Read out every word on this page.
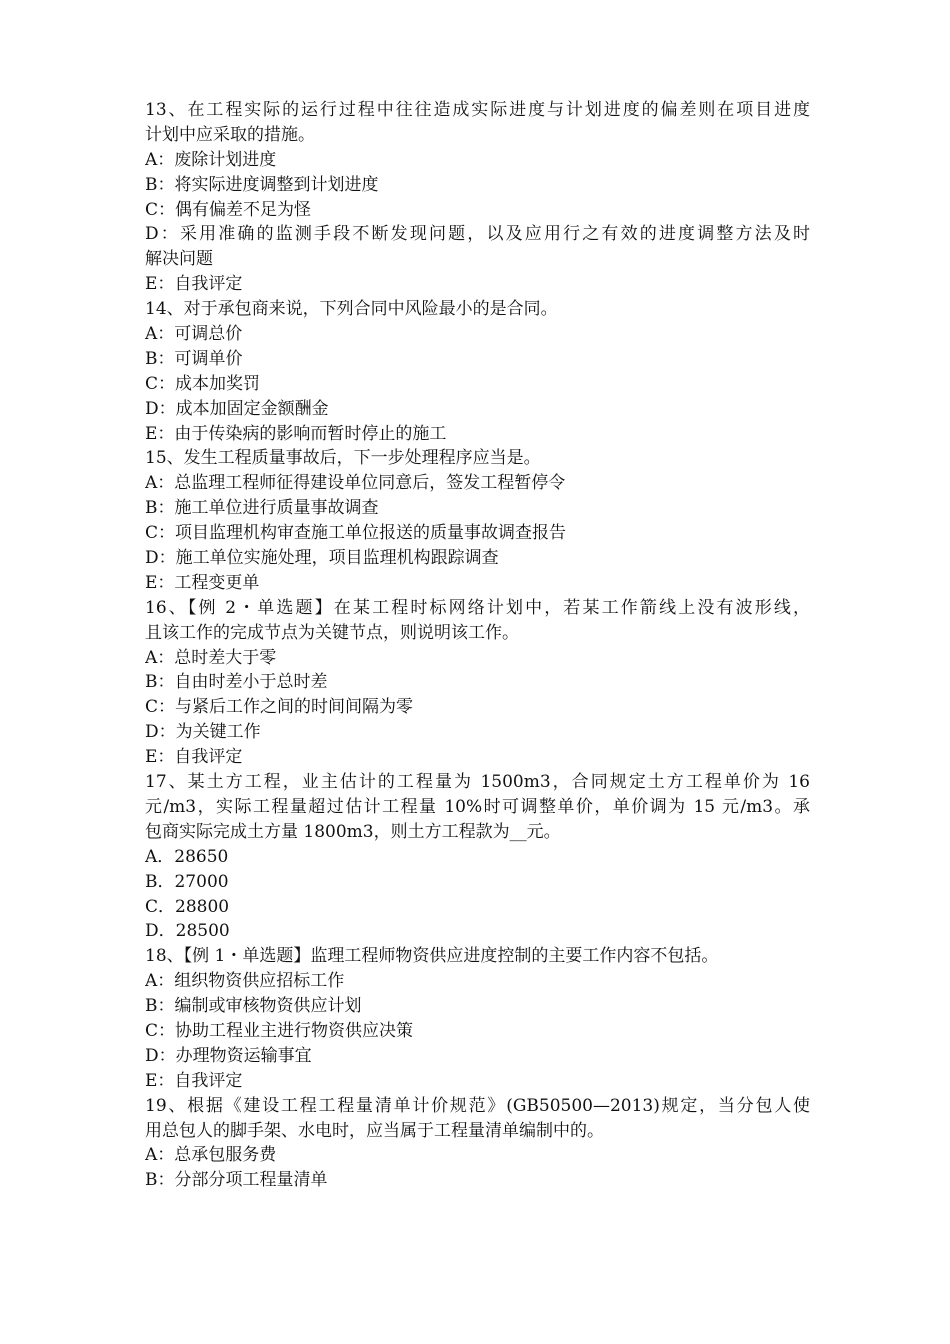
13、在工程实际的运行过程中往往造成实际进度与计划进度的偏差则在项目进度
计划中应采取的措施。
A：废除计划进度
B：将实际进度调整到计划进度
C：偶有偏差不足为怪
D：采用准确的监测手段不断发现问题，以及应用行之有效的进度调整方法及时
解决问题
E：自我评定
14、对于承包商来说，下列合同中风险最小的是合同。
A：可调总价
B：可调单价
C：成本加奖罚
D：成本加固定金额酬金
E：由于传染病的影响而暂时停止的施工
15、发生工程质量事故后，下一步处理程序应当是。
A：总监理工程师征得建设单位同意后，签发工程暂停令
B：施工单位进行质量事故调查
C：项目监理机构审查施工单位报送的质量事故调查报告
D：施工单位实施处理，项目监理机构跟踪调查
E：工程变更单
16、【例 2・单选题】在某工程时标网络计划中，若某工作箭线上没有波形线，
且该工作的完成节点为关键节点，则说明该工作。
A：总时差大于零
B：自由时差小于总时差
C：与紧后工作之间的时间间隔为零
D：为关键工作
E：自我评定
17、某土方工程，业主估计的工程量为 1500m3，合同规定土方工程单价为 16
元/m3，实际工程量超过估计工程量 10%时可调整单价，单价调为 15 元/m3。承
包商实际完成土方量 1800m3，则土方工程款为__元。
A．28650
B．27000
C．28800
D．28500
18、【例 1・单选题】监理工程师物资供应进度控制的主要工作内容不包括。
A：组织物资供应招标工作
B：编制或审核物资供应计划
C：协助工程业主进行物资供应决策
D：办理物资运输事宜
E：自我评定
19、根据《建设工程工程量清单计价规范》(GB50500—2013)规定，当分包人使
用总包人的脚手架、水电时，应当属于工程量清单编制中的。
A：总承包服务费
B：分部分项工程量清单
